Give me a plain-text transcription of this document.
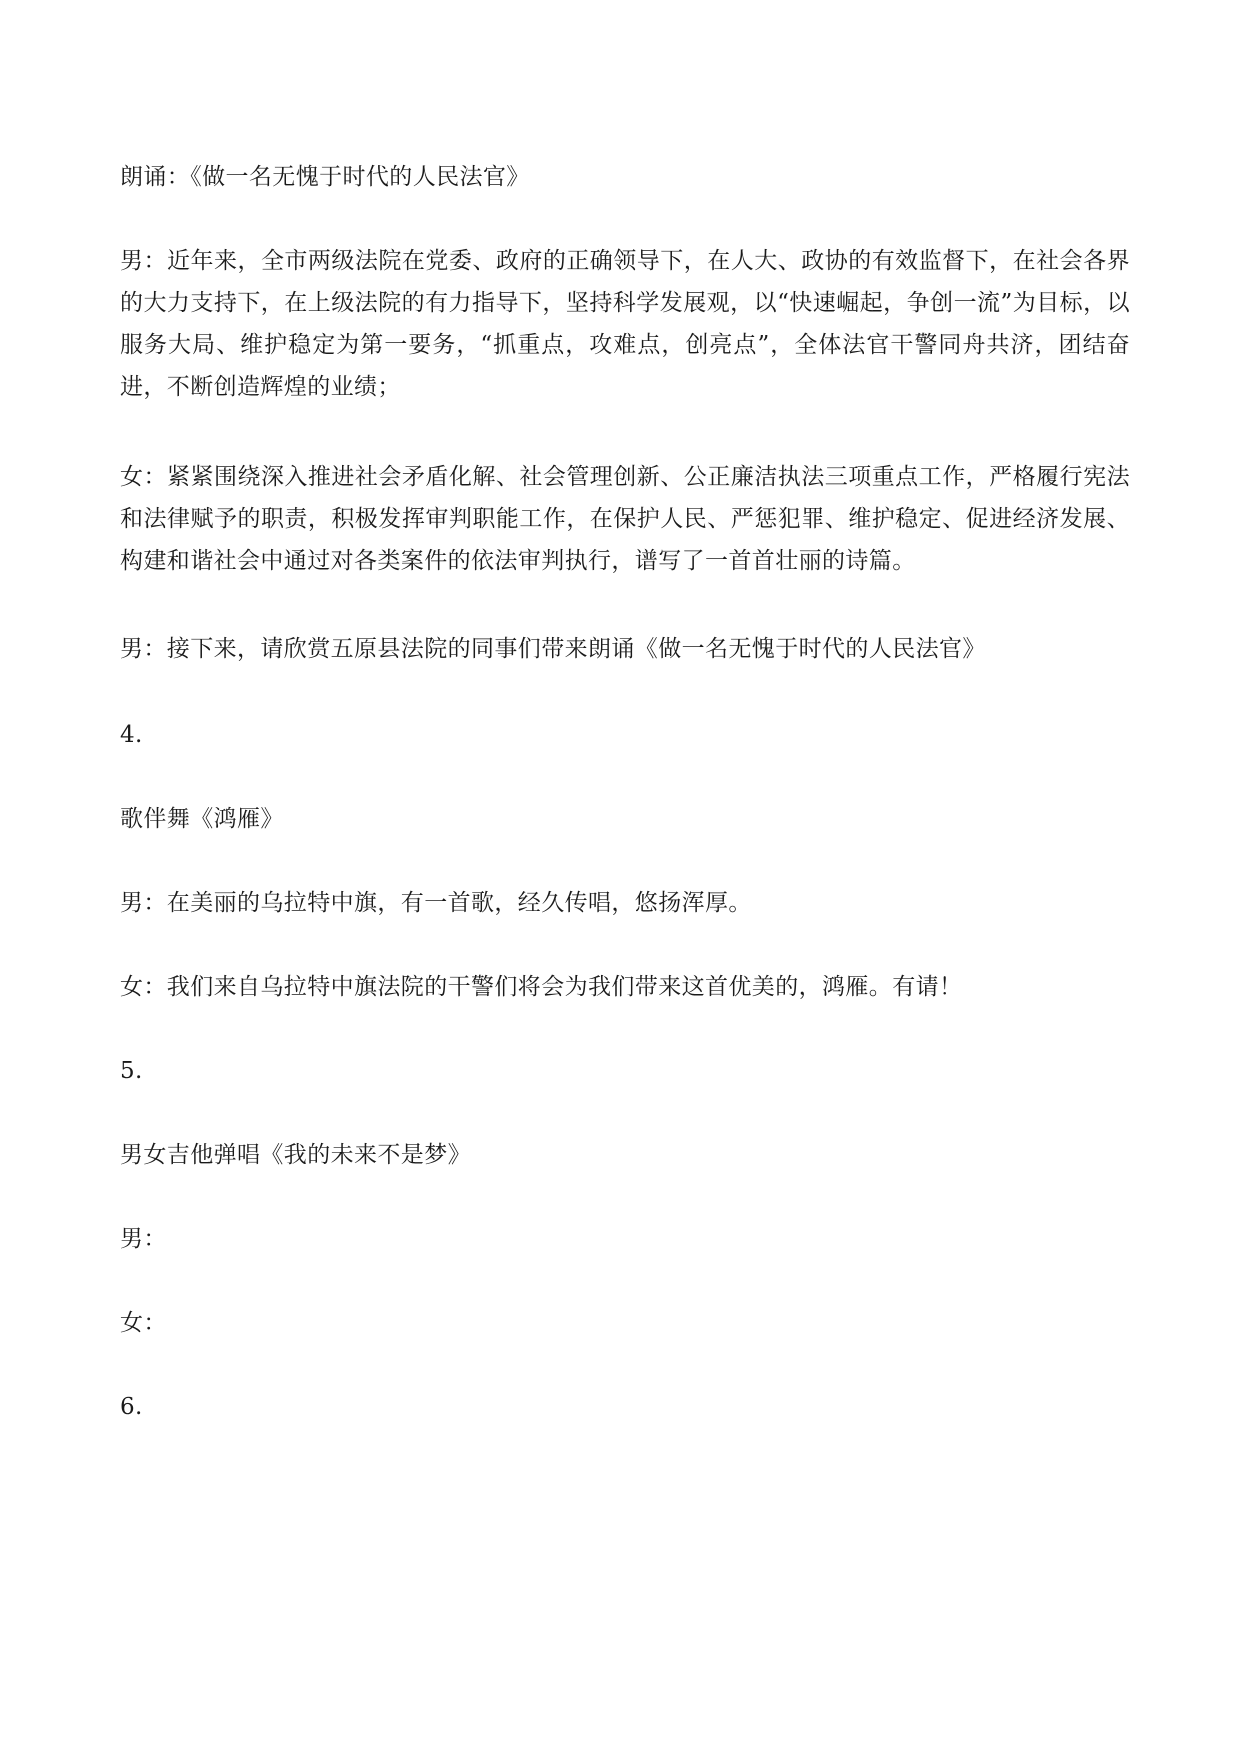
朗诵：《做一名无愧于时代的人民法官》

男：近年来，全市两级法院在党委、政府的正确领导下，在人大、政协的有效监督下，在社会各界的大力支持下，在上级法院的有力指导下，坚持科学发展观，以“快速崛起，争创一流”为目标，以服务大局、维护稳定为第一要务，“抓重点，攻难点，创亮点”，全体法官干警同舟共济，团结奋进，不断创造辉煌的业绩；

女：紧紧围绕深入推进社会矛盾化解、社会管理创新、公正廉洁执法三项重点工作，严格履行宪法和法律赋予的职责，积极发挥审判职能工作，在保护人民、严惩犯罪、维护稳定、促进经济发展、构建和谐社会中通过对各类案件的依法审判执行，谱写了一首首壮丽的诗篇。

男：接下来，请欣赏五原县法院的同事们带来朗诵《做一名无愧于时代的人民法官》

4.

歌伴舞《鸿雁》

男：在美丽的乌拉特中旗，有一首歌，经久传唱，悠扬浑厚。

女：我们来自乌拉特中旗法院的干警们将会为我们带来这首优美的，鸿雁。有请！

5.

男女吉他弹唱《我的未来不是梦》

男：

女：

6.
